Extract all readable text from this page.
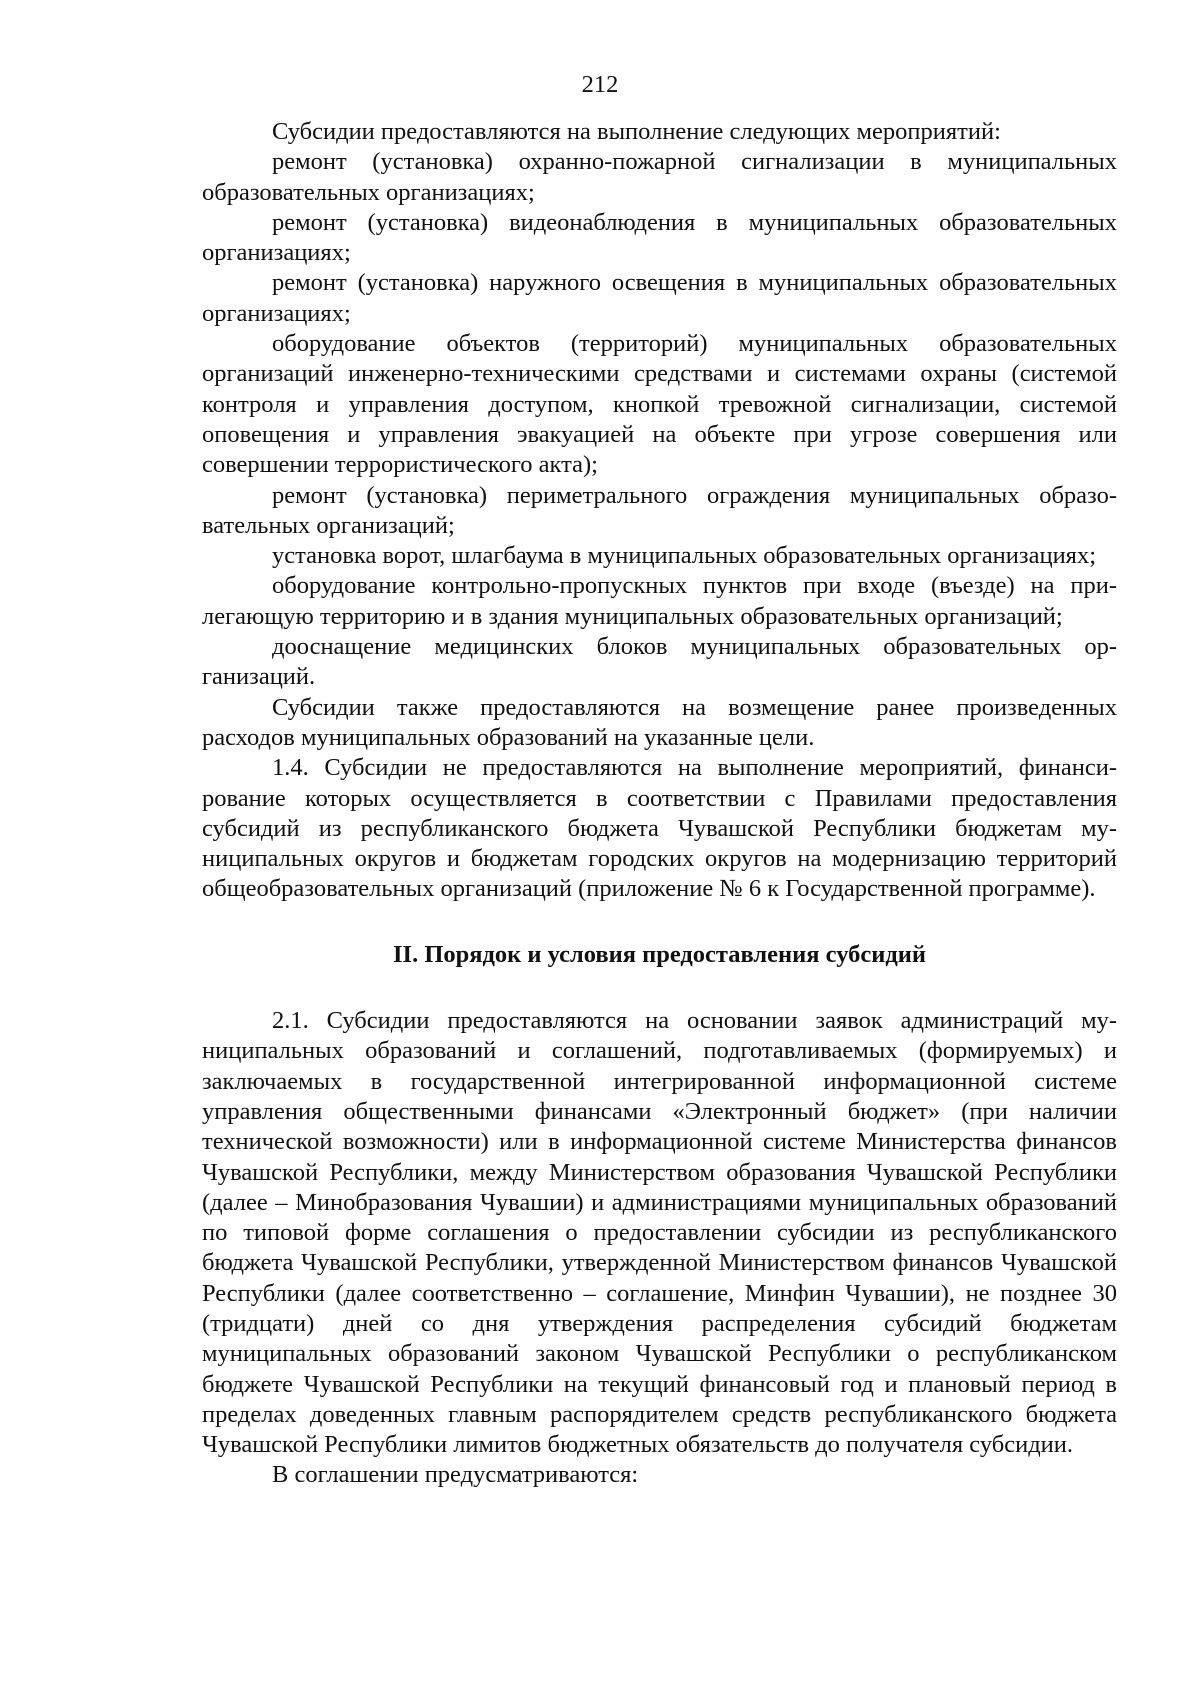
212

Субсидии предоставляются на выполнение следующих мероприятий:

ремонт (установка) охранно-пожарной сигнализации в муниципальных образовательных организациях;

ремонт (установка) видеонаблюдения в муниципальных образовательных организациях;

ремонт (установка) наружного освещения в муниципальных образовательных организациях;

оборудование объектов (территорий) муниципальных образовательных организаций инженерно-техническими средствами и системами охраны (системой контроля и управления доступом, кнопкой тревожной сигнализации, системой оповещения и управления эвакуацией на объекте при угрозе совершения или совершении террористического акта);

ремонт (установка) периметрального ограждения муниципальных образовательных организаций;

установка ворот, шлагбаума в муниципальных образовательных организациях;

оборудование контрольно-пропускных пунктов при входе (въезде) на прилегающую территорию и в здания муниципальных образовательных организаций;

дооснащение медицинских блоков муниципальных образовательных организаций.

Субсидии также предоставляются на возмещение ранее произведенных расходов муниципальных образований на указанные цели.

1.4. Субсидии не предоставляются на выполнение мероприятий, финансирование которых осуществляется в соответствии с Правилами предоставления субсидий из республиканского бюджета Чувашской Республики бюджетам муниципальных округов и бюджетам городских округов на модернизацию территорий общеобразовательных организаций (приложение № 6 к Государственной программе).

II. Порядок и условия предоставления субсидий

2.1. Субсидии предоставляются на основании заявок администраций муниципальных образований и соглашений, подготавливаемых (формируемых) и заключаемых в государственной интегрированной информационной системе управления общественными финансами «Электронный бюджет» (при наличии технической возможности) или в информационной системе Министерства финансов Чувашской Республики, между Министерством образования Чувашской Республики (далее – Минобразования Чувашии) и администрациями муниципальных образований по типовой форме соглашения о предоставлении субсидии из республиканского бюджета Чувашской Республики, утвержденной Министерством финансов Чувашской Республики (далее соответственно – соглашение, Минфин Чувашии), не позднее 30 (тридцати) дней со дня утверждения распределения субсидий бюджетам муниципальных образований законом Чувашской Республики о республиканском бюджете Чувашской Республики на текущий финансовый год и плановый период в пределах доведенных главным распорядителем средств республиканского бюджета Чувашской Республики лимитов бюджетных обязательств до получателя субсидии.

В соглашении предусматриваются:
